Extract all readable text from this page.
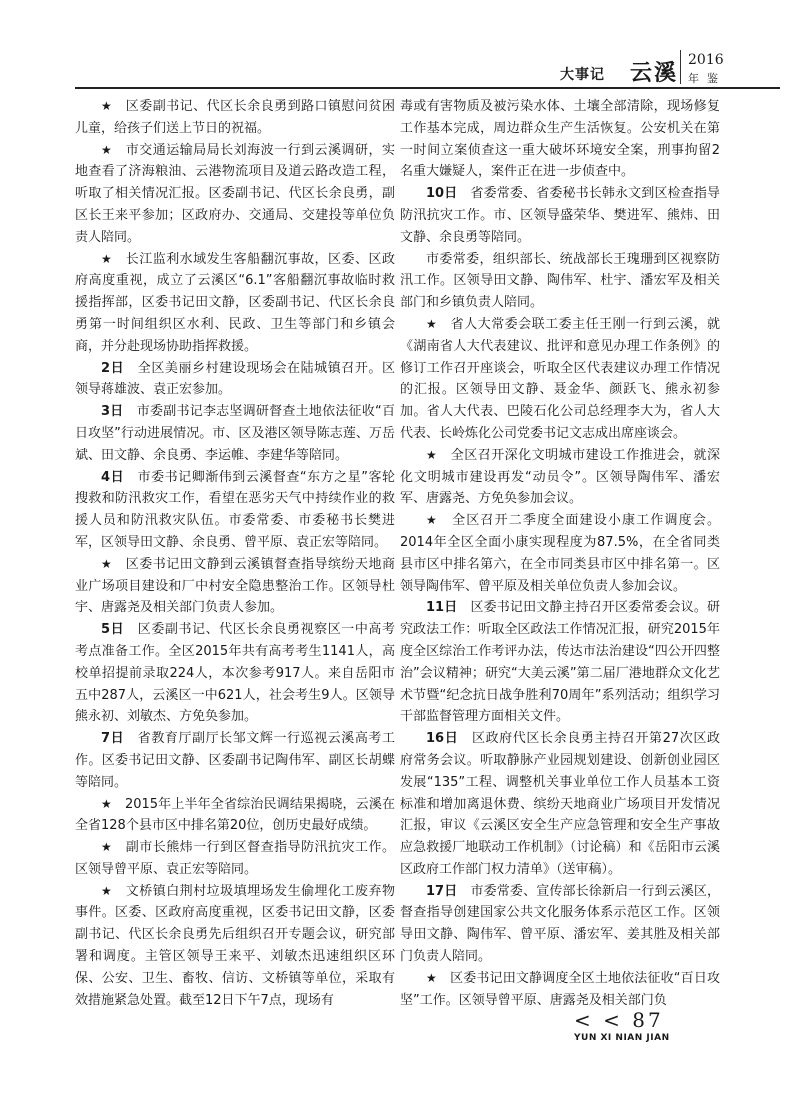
大事记 云溪 2016
年鉴

★  区委副书记、代区长余良勇到路口镇慰问贫困儿童，给孩子们送上节日的祝福。

★  市交通运输局局长刘海波一行到云溪调研，实地查看了济海粮油、云港物流项目及道云路改造工程，听取了相关情况汇报。区委副书记、代区长余良勇，副区长王来平参加；区政府办、交通局、交建投等单位负责人陪同。

★  长江监利水域发生客船翻沉事故，区委、区政府高度重视，成立了云溪区“6.1”客船翻沉事故临时救援指挥部，区委书记田文静，区委副书记、代区长余良勇第一时间组织区水利、民政、卫生等部门和乡镇会商，并分赴现场协助指挥救援。

2日  全区美丽乡村建设现场会在陆城镇召开。区领导蒋雄波、袁正宏参加。

3日  市委副书记李志坚调研督查土地依法征收“百日攻坚”行动进展情况。市、区及港区领导陈志莲、万岳斌、田文静、余良勇、李运帷、李建华等陪同。

4日  市委书记卿渐伟到云溪督查“东方之星”客轮搜救和防汛救灾工作，看望在恶劣天气中持续作业的救援人员和防汛救灾队伍。市委常委、市委秘书长樊进军，区领导田文静、余良勇、曾平原、袁正宏等陪同。

★  区委书记田文静到云溪镇督查指导缤纷天地商业广场项目建设和厂中村安全隐患整治工作。区领导杜宇、唐露尧及相关部门负责人参加。

5日  区委副书记、代区长余良勇视察区一中高考考点准备工作。全区2015年共有高考考生1141人，高校单招提前录取224人，本次参考917人。来自岳阳市五中287人，云溪区一中621人，社会考生9人。区领导熊永初、刘敏杰、方免奂参加。

7日  省教育厅副厅长邹文辉一行巡视云溪高考工作。区委书记田文静、区委副书记陶伟军、副区长胡蝶等陪同。

★  2015年上半年全省综治民调结果揭晓，云溪在全省128个县市区中排名第20位，创历史最好成绩。

★  副市长熊炜一行到区督查指导防汛抗灾工作。区领导曾平原、袁正宏等陪同。

★  文桥镇白荆村垃圾填埋场发生偷埋化工废弃物事件。区委、区政府高度重视，区委书记田文静，区委副书记、代区长余良勇先后组织召开专题会议，研究部署和调度。主管区领导王来平、刘敏杰迅速组织区环保、公安、卫生、畜牧、信访、文桥镇等单位，采取有效措施紧急处置。截至12日下午7点，现场有

毒或有害物质及被污染水体、土壤全部清除，现场修复工作基本完成，周边群众生产生活恢复。公安机关在第一时间立案侦查这一重大破坏环境安全案，刑事拘留2名重大嫌疑人，案件正在进一步侦查中。

10日  省委常委、省委秘书长韩永文到区检查指导防汛抗灾工作。市、区领导盛荣华、樊进军、熊炜、田文静、余良勇等陪同。

市委常委，组织部长、统战部长王瑰珊到区视察防汛工作。区领导田文静、陶伟军、杜宇、潘宏军及相关部门和乡镇负责人陪同。

★  省人大常委会联工委主任王刚一行到云溪，就《湖南省人大代表建议、批评和意见办理工作条例》的修订工作召开座谈会，听取全区代表建议办理工作情况的汇报。区领导田文静、聂金华、颜跃飞、熊永初参加。省人大代表、巴陵石化公司总经理李大为，省人大代表、长岭炼化公司党委书记文志成出席座谈会。

★  全区召开深化文明城市建设工作推进会，就深化文明城市建设再发“动员令”。区领导陶伟军、潘宏军、唐露尧、方免奂参加会议。

★  全区召开二季度全面建设小康工作调度会。2014年全区全面小康实现程度为87.5%，在全省同类县市区中排名第六，在全市同类县市区中排名第一。区领导陶伟军、曾平原及相关单位负责人参加会议。

11日  区委书记田文静主持召开区委常委会议。研究政法工作：听取全区政法工作情况汇报，研究2015年度全区综治工作考评办法，传达市法治建设“四公开四整治”会议精神；研究“大美云溪”第二届厂港地群众文化艺术节暨“纪念抗日战争胜利70周年”系列活动；组织学习干部监督管理方面相关文件。

16日  区政府代区长余良勇主持召开第27次区政府常务会议。听取静脉产业园规划建设、创新创业园区发展“135”工程、调整机关事业单位工作人员基本工资标准和增加离退休费、缤纷天地商业广场项目开发情况汇报，审议《云溪区安全生产应急管理和安全生产事故应急救援厂地联动工作机制》（讨论稿）和《岳阳市云溪区政府工作部门权力清单》（送审稿）。

17日  市委常委、宣传部长徐新启一行到云溪区，督查指导创建国家公共文化服务体系示范区工作。区领导田文静、陶伟军、曾平原、潘宏军、姜其胜及相关部门负责人陪同。

★  区委书记田文静调度全区土地依法征收“百日攻坚”工作。区领导曾平原、唐露尧及相关部门负

< < 87
YUN XI NIAN JIAN
